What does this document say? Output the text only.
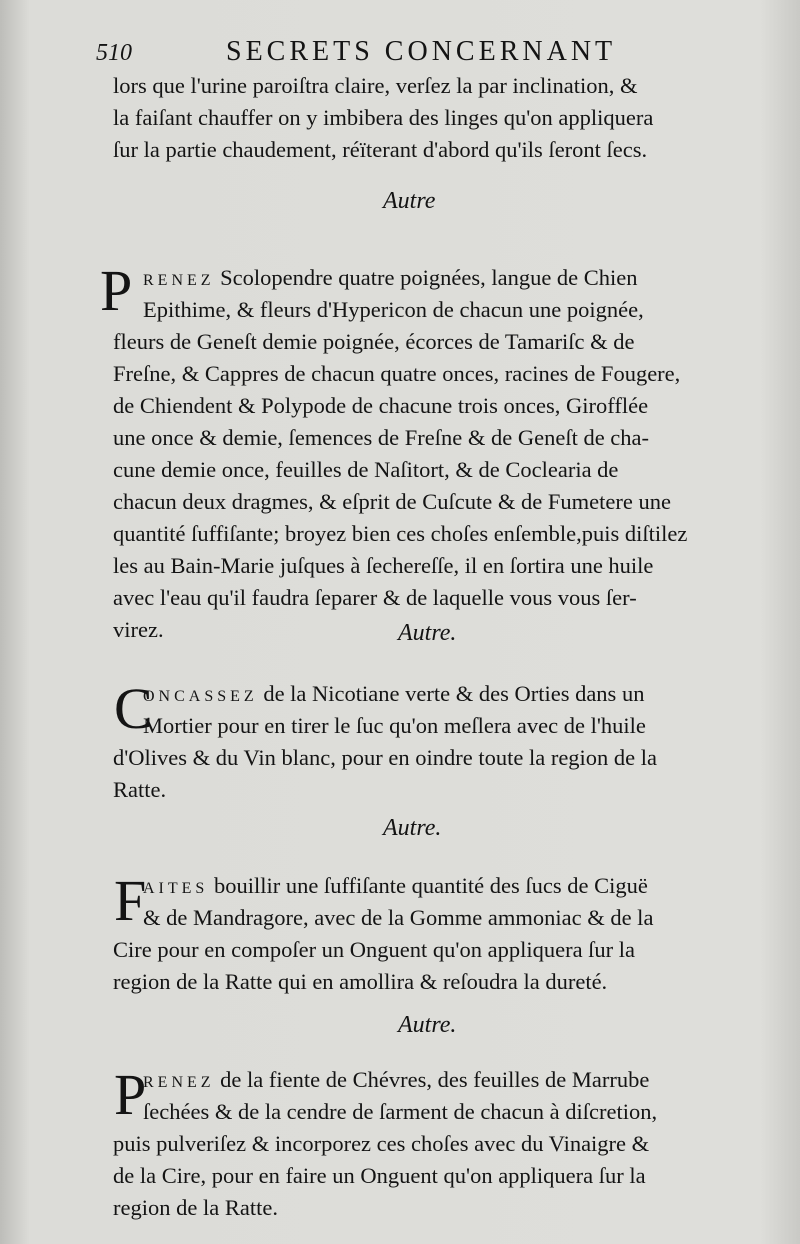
510	SECRETS CONCERNANT
lors que l'urine paroiſtra claire, verſez la par inclination, &
la faiſant chauffer on y imbibera des linges qu'on appliquera
ſur la partie chaudement, réïterant d'abord qu'ils ſeront ſecs.
Autre
P RENEZ Scolopendre quatre poignées, langue de Chien
Epithime, & fleurs d'Hypericon de chacun une poignée,
fleurs de Geneſt demie poignée, écorces de Tamariſc & de
Freſne, & Cappres de chacun quatre onces, racines de Fougere,
de Chiendent & Polypode de chacune trois onces, Girofflée
une once & demie, ſemences de Freſne & de Geneſt de cha-
cune demie once, feuilles de Naſitort, & de Coclearia de
chacun deux dragmes, & eſprit de Cuſcute & de Fumetere une
quantité ſuffiſante; broyez bien ces choſes enſemble,puis diſtilez
les au Bain-Marie juſques à ſechereſſe, il en ſortira une huile
avec l'eau qu'il faudra ſeparer & de laquelle vous vous ſer-
virez.	Autre.
C
ONCASSEZ de la Nicotiane verte & des Orties dans un
Mortier pour en tirer le ſuc qu'on meſlera avec de l'huile
d'Olives & du Vin blanc, pour en oindre toute la region de la
Ratte.
Autre.
F
AITES bouillir une ſuffiſante quantité des ſucs de Ciguë
& de Mandragore, avec de la Gomme ammoniac & de la
Cire pour en compoſer un Onguent qu'on appliquera ſur la
region de la Ratte qui en amollira & reſoudra la dureté.
Autre.
P
RENEZ de la fiente de Chévres, des feuilles de Marrube
ſechées & de la cendre de ſarment de chacun à diſcretion,
puis pulveriſez & incorporez ces choſes avec du Vinaigre &
de la Cire, pour en faire un Onguent qu'on appliquera ſur la
region de la Ratte.
